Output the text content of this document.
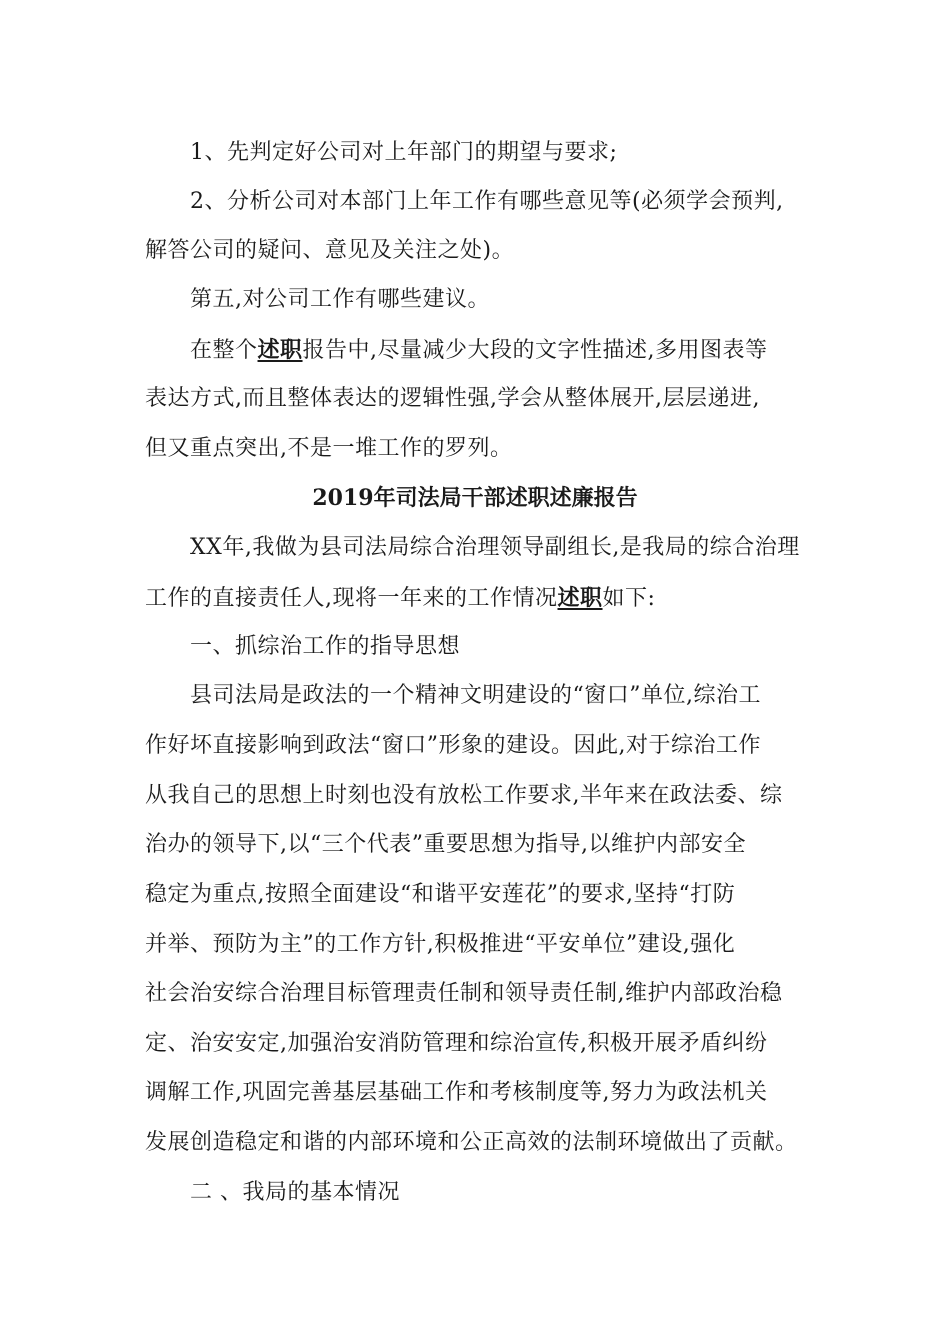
1、先判定好公司对上年部门的期望与要求;
2、分析公司对本部门上年工作有哪些意见等(必须学会预判,
解答公司的疑问、意见及关注之处)。
第五,对公司工作有哪些建议。
在整个述职报告中,尽量减少大段的文字性描述,多用图表等
表达方式,而且整体表达的逻辑性强,学会从整体展开,层层递进,
但又重点突出,不是一堆工作的罗列。
2019年司法局干部述职述廉报告
XX年,我做为县司法局综合治理领导副组长,是我局的综合治理
工作的直接责任人,现将一年来的工作情况述职如下:
一、抓综治工作的指导思想
县司法局是政法的一个精神文明建设的“窗口”单位,综治工
作好坏直接影响到政法“窗口”形象的建设。因此,对于综治工作
从我自己的思想上时刻也没有放松工作要求,半年来在政法委、综
治办的领导下,以“三个代表”重要思想为指导,以维护内部安全
稳定为重点,按照全面建设“和谐平安莲花”的要求,坚持“打防
并举、预防为主”的工作方针,积极推进“平安单位”建设,强化
社会治安综合治理目标管理责任制和领导责任制,维护内部政治稳
定、治安安定,加强治安消防管理和综治宣传,积极开展矛盾纠纷
调解工作,巩固完善基层基础工作和考核制度等,努力为政法机关
发展创造稳定和谐的内部环境和公正高效的法制环境做出了贡献。
二 、我局的基本情况
